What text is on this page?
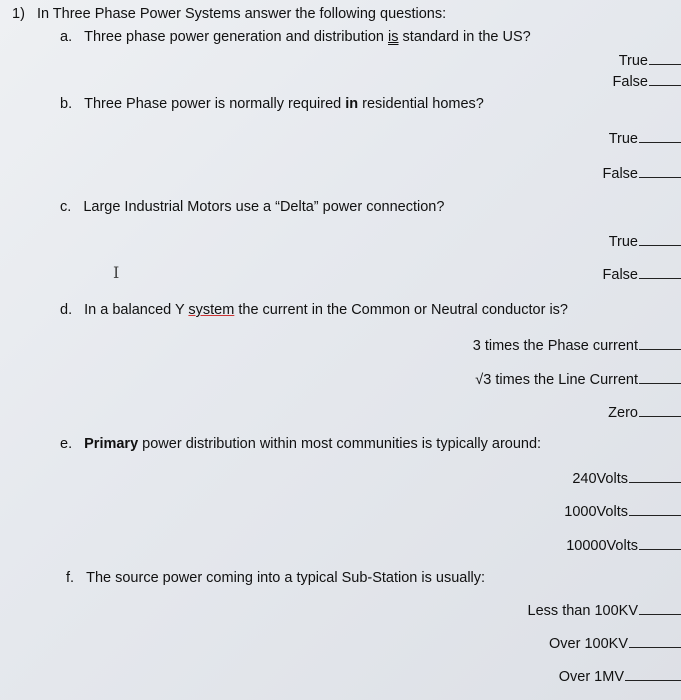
1) In Three Phase Power Systems answer the following questions:
a. Three phase power generation and distribution is standard in the US?
True
False
b. Three Phase power is normally required in residential homes?
True
False
c. Large Industrial Motors use a “Delta” power connection?
True
I	False
d. In a balanced Y system the current in the Common or Neutral conductor is?
3 times the Phase current
√3 times the Line Current
Zero
e. Primary power distribution within most communities is typically around:
240Volts
1000Volts
10000Volts
f. The source power coming into a typical Sub-Station is usually:
Less than 100KV
Over 100KV
Over 1MV
